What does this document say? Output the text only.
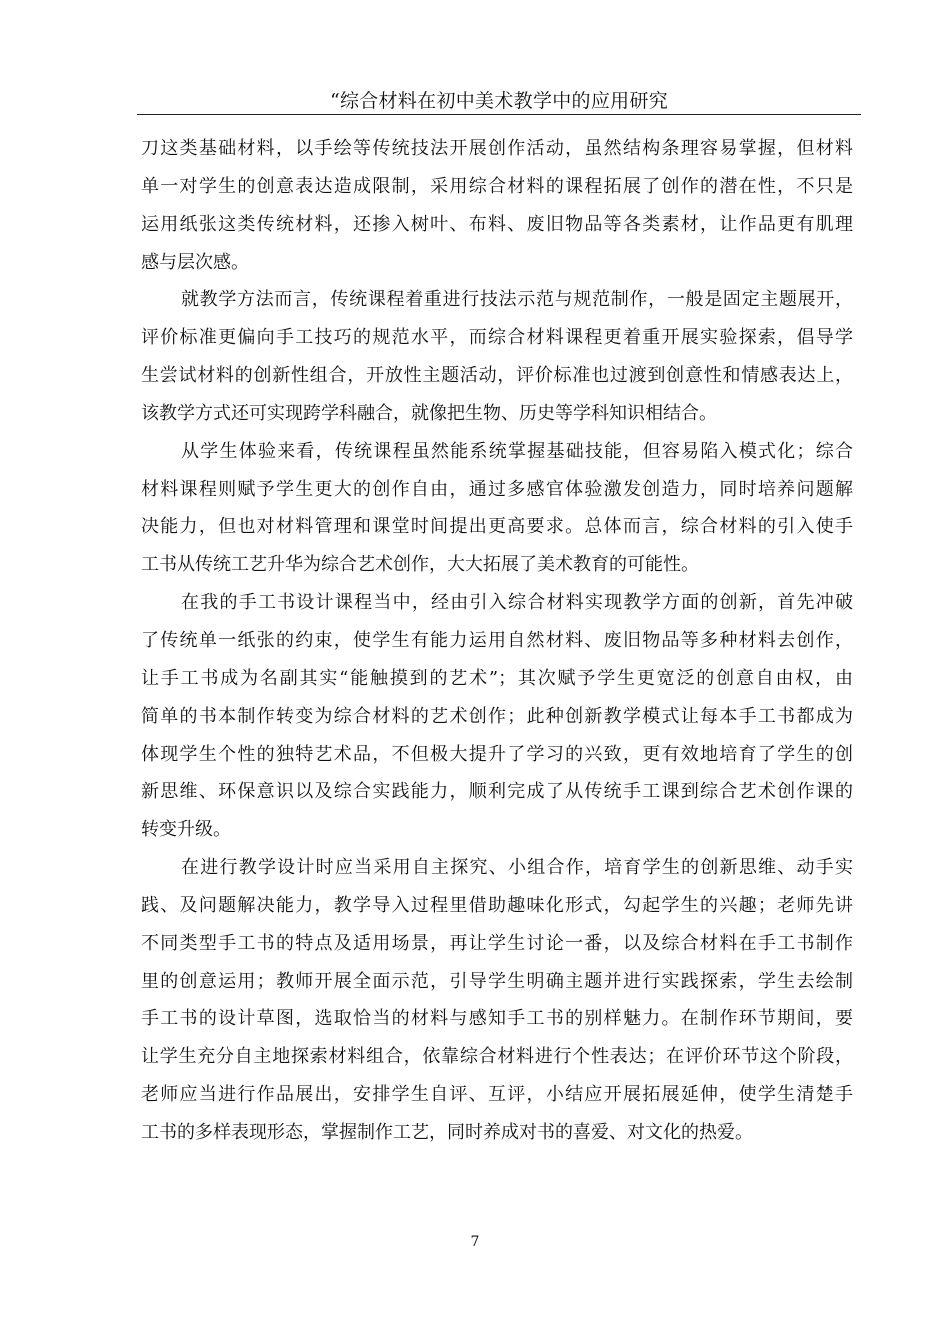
“综合材料在初中美术教学中的应用研究
刀这类基础材料，以手绘等传统技法开展创作活动，虽然结构条理容易掌握，但材料
单一对学生的创意表达造成限制，采用综合材料的课程拓展了创作的潜在性，不只是
运用纸张这类传统材料，还掺入树叶、布料、废旧物品等各类素材，让作品更有肌理
感与层次感。
就教学方法而言，传统课程着重进行技法示范与规范制作，一般是固定主题展开，
评价标准更偏向手工技巧的规范水平，而综合材料课程更着重开展实验探索，倡导学
生尝试材料的创新性组合，开放性主题活动，评价标准也过渡到创意性和情感表达上，
该教学方式还可实现跨学科融合，就像把生物、历史等学科知识相结合。
从学生体验来看，传统课程虽然能系统掌握基础技能，但容易陷入模式化；综合
材料课程则赋予学生更大的创作自由，通过多感官体验激发创造力，同时培养问题解
决能力，但也对材料管理和课堂时间提出更高要求。总体而言，综合材料的引入使手
工书从传统工艺升华为综合艺术创作，大大拓展了美术教育的可能性。
在我的手工书设计课程当中，经由引入综合材料实现教学方面的创新，首先冲破
了传统单一纸张的约束，使学生有能力运用自然材料、废旧物品等多种材料去创作，
让手工书成为名副其实“能触摸到的艺术”；其次赋予学生更宽泛的创意自由权，由
简单的书本制作转变为综合材料的艺术创作；此种创新教学模式让每本手工书都成为
体现学生个性的独特艺术品，不但极大提升了学习的兴致，更有效地培育了学生的创
新思维、环保意识以及综合实践能力，顺利完成了从传统手工课到综合艺术创作课的
转变升级。
在进行教学设计时应当采用自主探究、小组合作，培育学生的创新思维、动手实
践、及问题解决能力，教学导入过程里借助趣味化形式，勾起学生的兴趣；老师先讲
不同类型手工书的特点及适用场景，再让学生讨论一番，以及综合材料在手工书制作
里的创意运用；教师开展全面示范，引导学生明确主题并进行实践探索，学生去绘制
手工书的设计草图，选取恰当的材料与感知手工书的别样魅力。在制作环节期间，要
让学生充分自主地探索材料组合，依靠综合材料进行个性表达；在评价环节这个阶段，
老师应当进行作品展出，安排学生自评、互评，小结应开展拓展延伸，使学生清楚手
工书的多样表现形态，掌握制作工艺，同时养成对书的喜爱、对文化的热爱。
7
